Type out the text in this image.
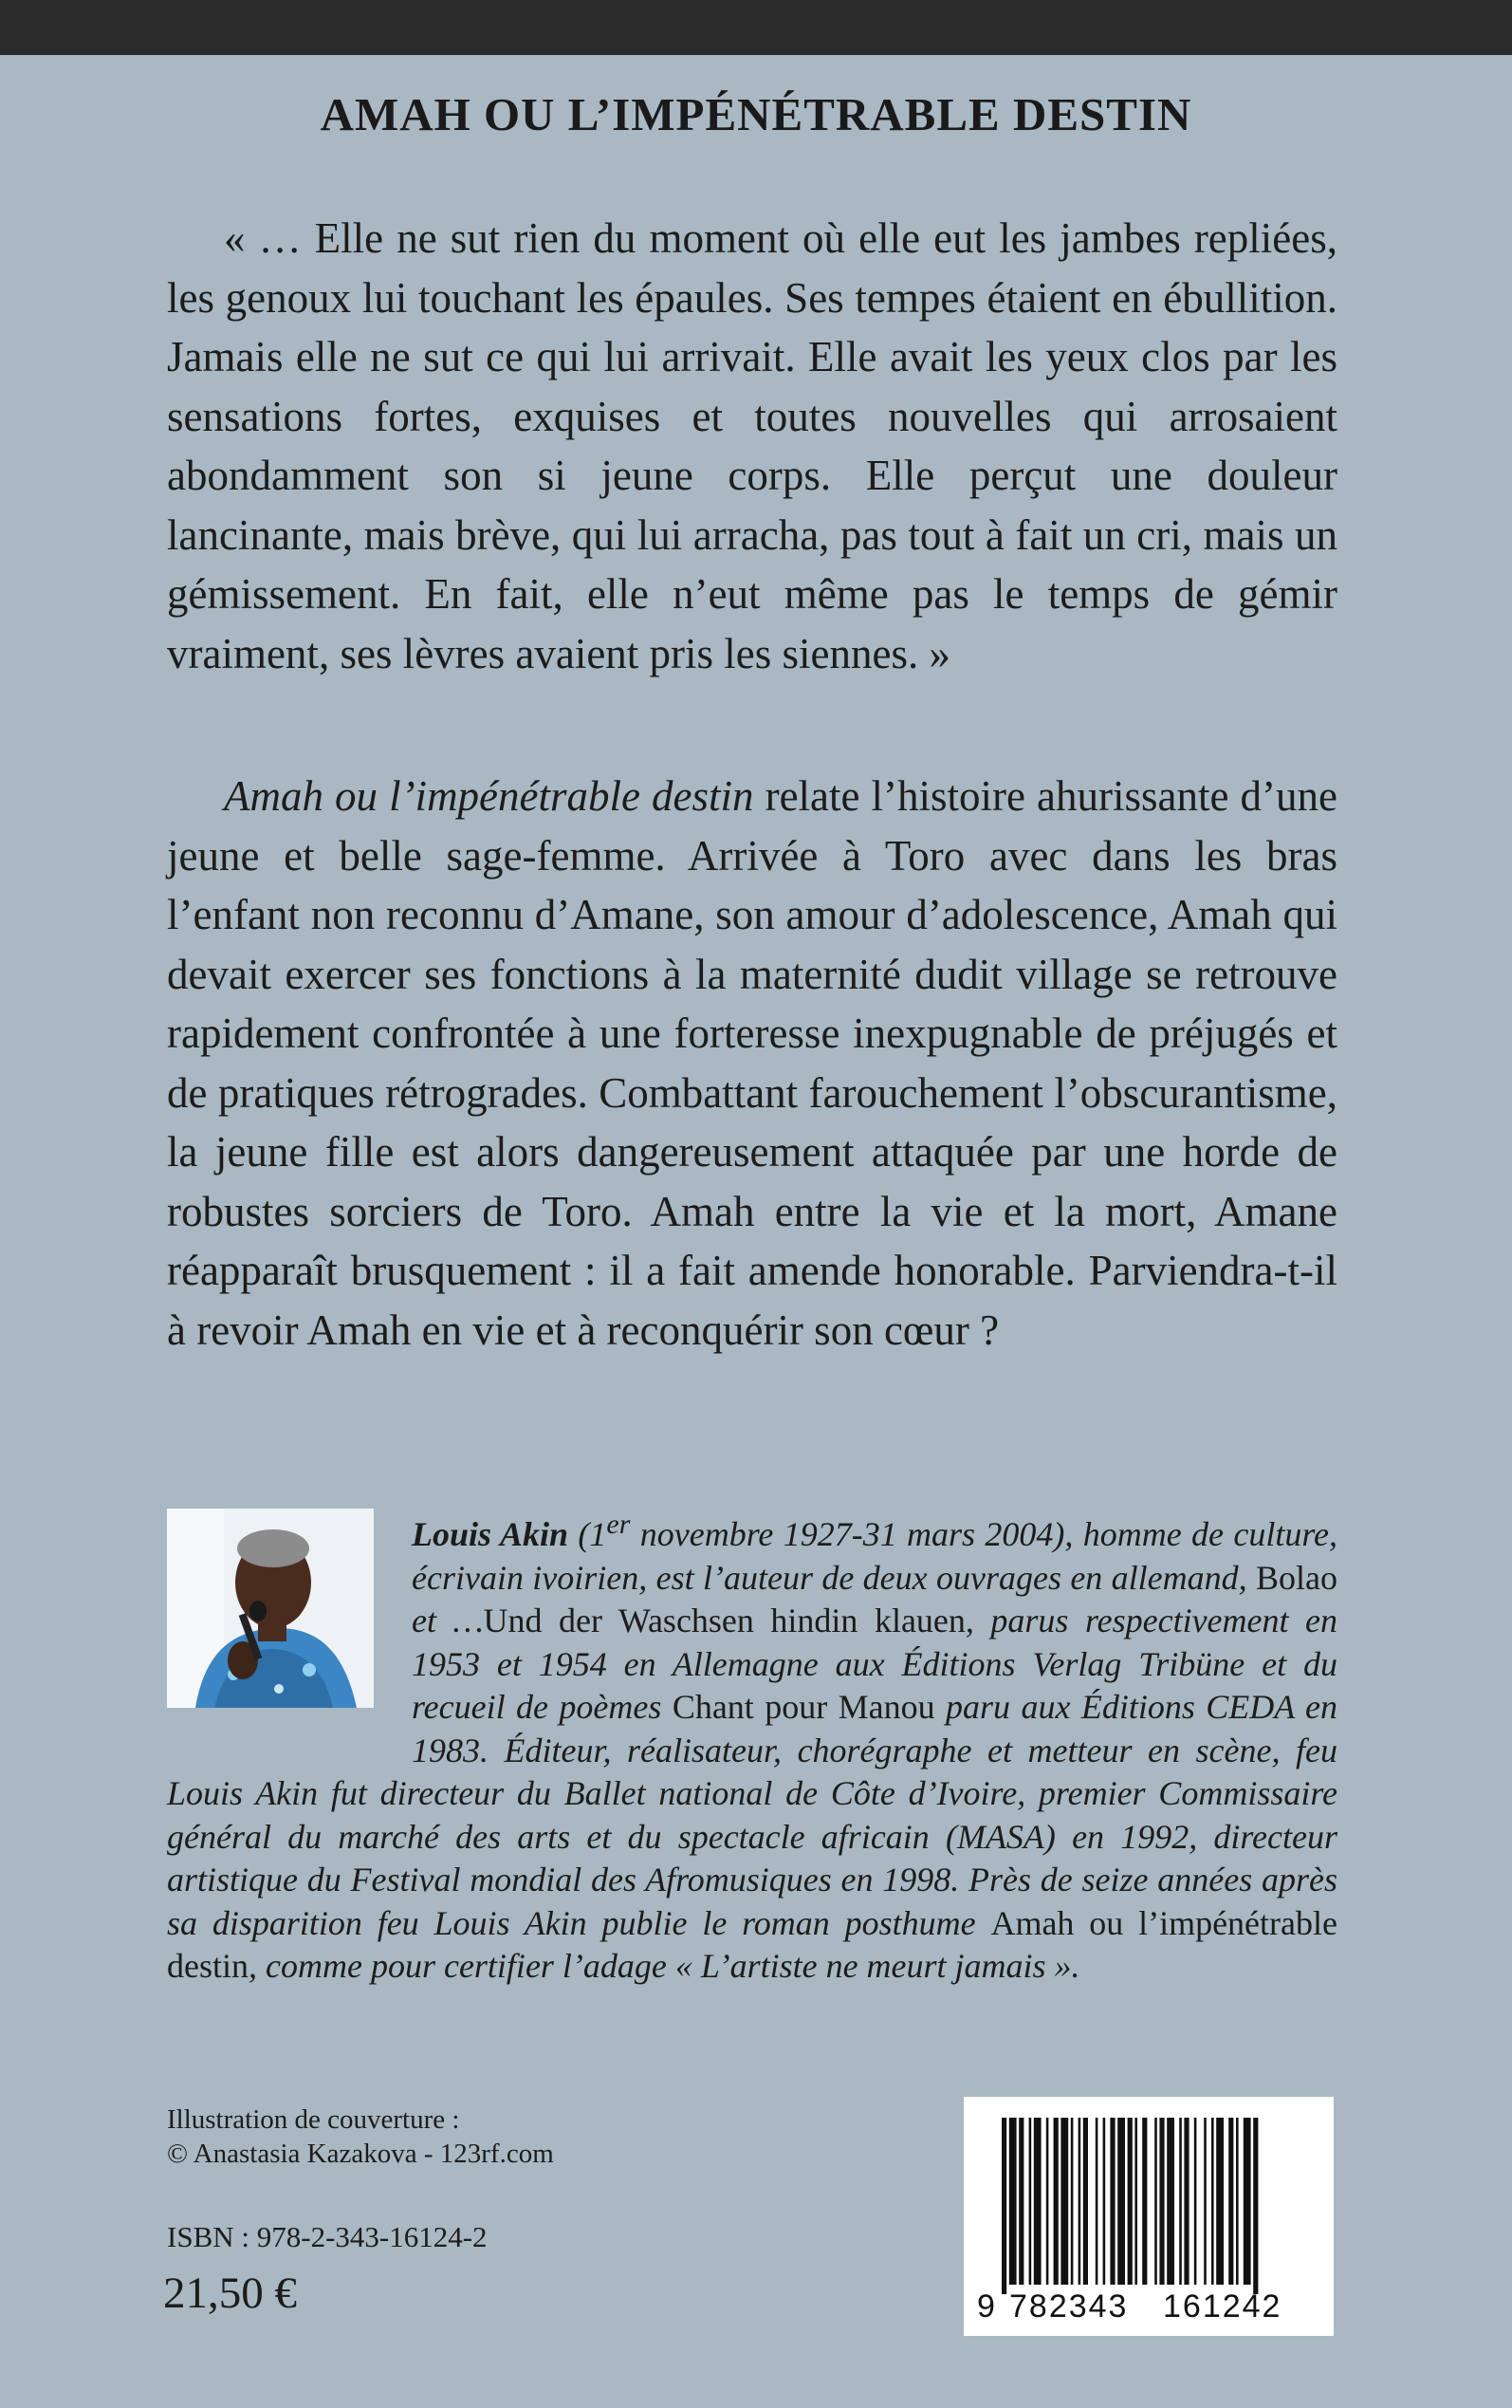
AMAH OU L’IMPÉNÉTRABLE DESTIN

« … Elle ne sut rien du moment où elle eut les jambes repliées, les genoux lui touchant les épaules. Ses tempes étaient en ébullition. Jamais elle ne sut ce qui lui arrivait. Elle avait les yeux clos par les sensations fortes, exquises et toutes nouvelles qui arrosaient abondamment son si jeune corps. Elle perçut une douleur lancinante, mais brève, qui lui arracha, pas tout à fait un cri, mais un gémissement. En fait, elle n’eut même pas le temps de gémir vraiment, ses lèvres avaient pris les siennes. »

Amah ou l’impénétrable destin relate l’histoire ahurissante d’une jeune et belle sage-femme. Arrivée à Toro avec dans les bras l’enfant non reconnu d’Amane, son amour d’adolescence, Amah qui devait exercer ses fonctions à la maternité dudit village se retrouve rapidement confrontée à une forteresse inexpugnable de préjugés et de pratiques rétrogrades. Combattant farouchement l’obscurantisme, la jeune fille est alors dangereusement attaquée par une horde de robustes sorciers de Toro. Amah entre la vie et la mort, Amane réapparaît brusquement : il a fait amende honorable. Parviendra-t-il à revoir Amah en vie et à reconquérir son cœur ?

Louis Akin (1er novembre 1927-31 mars 2004), homme de culture, écrivain ivoirien, est l’auteur de deux ouvrages en allemand, Bolao et …Und der Waschsen hindin klauen, parus respectivement en 1953 et 1954 en Allemagne aux Éditions Verlag Tribüne et du recueil de poèmes Chant pour Manou paru aux Éditions CEDA en 1983. Éditeur, réalisateur, chorégraphe et metteur en scène, feu Louis Akin fut directeur du Ballet national de Côte d’Ivoire, premier Commissaire général du marché des arts et du spectacle africain (MASA) en 1992, directeur artistique du Festival mondial des Afromusiques en 1998. Près de seize années après sa disparition feu Louis Akin publie le roman posthume Amah ou l’impénétrable destin, comme pour certifier l’adage « L’artiste ne meurt jamais ».

Illustration de couverture :
© Anastasia Kazakova - 123rf.com
ISBN : 978-2-343-16124-2
21,50 €	9 782343 161242
